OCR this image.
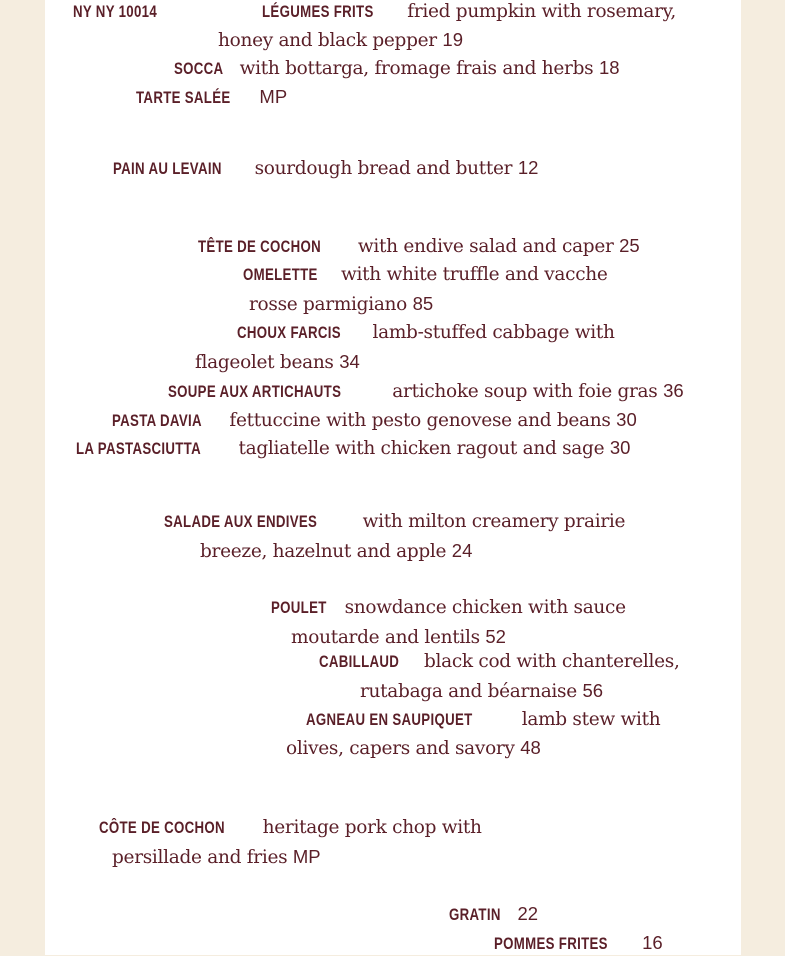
NY NY 10014	LÉGUMES FRITS fried pumpkin with rosemary,
honey and black pepper 19
SOCCA with bottarga, fromage frais and herbs 18
TARTE SALÉE MP
PAIN AU LEVAIN sourdough bread and butter 12
TÊTE DE COCHON with endive salad and caper 25
OMELETTE with white truffle and vacche
rosse parmigiano 85
CHOUX FARCIS lamb-stuffed cabbage with
flageolet beans 34
SOUPE AUX ARTICHAUTS	artichoke soup with foie gras 36
PASTA DAVIA fettuccine with pesto genovese and beans 30
LA PASTASCIUTTA tagliatelle with chicken ragout and sage 30
SALADE AUX ENDIVES with milton creamery prairie
breeze, hazelnut and apple 24
POULET snowdance chicken with sauce
moutarde and lentils 52
CABILLAUD black cod with chanterelles,
rutabaga and béarnaise 56
AGNEAU EN SAUPIQUET	lamb stew with
olives, capers and savory 48
CÔTE DE COCHON heritage pork chop with
persillade and fries MP
GRATIN 22
POMMES FRITES 16
